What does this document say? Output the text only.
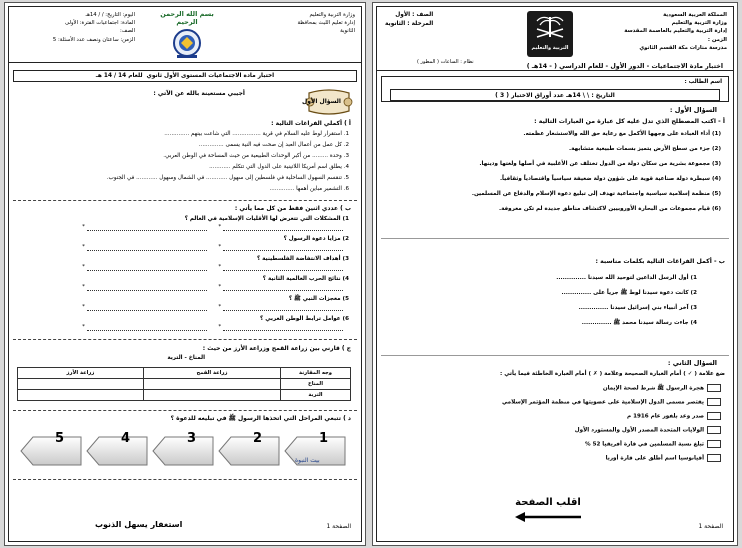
وزارة التربية والتعليم
إدارة تعليم الليث بمحافظة
الثانوية
بسم الله الرحمن الرحيم
اليوم: التاريخ: / / 14هـ
المادة: اجتماعيات الفترة: الأولى
الصف:
الزمن: ساعتان ونصف عدد الأسئلة: 5
اختبار مادة الاجتماعيات المستوى الأول ثانوي  للعام 14 / 14 هـ
أجيبي مستعينة بالله عن الآتي :
السؤال الأول
أ ) أكملي الفراغات التالية :
1. استقرار لوط عليه السلام في قرية ................ التي شاعت بينهم ..............
2. كل عمل من أعمال العبد إن صحت فيه النية يسمى ..............
3. وحدة ......... من أكبر الوحدات الطبيعية من حيث المساحة في الوطن العربي.
4. يطلق اسم أمريكا اللاتينية على الدول التي تتكلم ............
5. تنقسم السهول الساحلية في فلسطين إلى سهول ............ في الشمال وسهول ............ في الجنوب.
6. التشمير مباين أهمها ..............
ب ) عددي اثنين فقط من كل مما يأتي :
1) المشكلات التي تتعرض لها الأقليات الإسلامية في العالم ؟
*  *
2) مزايا دعوة الرسول ؟
*  *
3) أهداف الانتفاضة الفلسطينية ؟
*  *
4) نتائج الحرب العالمية الثانية ؟
*  *
5) معجزات النبي ﷺ ؟
*  *
6) عوامل ترابط الوطن العربي ؟
*  *
ج ) قارني بين زراعة القمح وزراعة الأرز من حيث :
المناخ - التربة
وجه المقارنة	زراعة القمح	زراعة الأرز
المناخ		
التربة		
د ) تتبعي المراحل التي اتخذها الرسول ﷺ في تبليغه للدعوة ؟
5	4	3	2	1
بيت النبوة
استغفار يسهل الذنوب	الصفحة 1
المملكة العربية السعودية
وزارة التربية والتعليم
إدارة التربية والتعليم بالعاصمة المقدسة
الزمن :
مدرسة منارات مكة القسم الثانوي
التربية والتعليم
الصف : الأول
المرحلة : الثانوية
نظام : الساعات ( المطور )
اختبار مادة الاجتماعيات - الدور الأول - للعام الدراسي ( - 14هـ )
اسم الطالب :
التاريخ : \ \ 14هـ عدد أوراق الاختبار ( 3 )
السؤال الأول :
أ - اكتب المصطلح الذي تدل عليه كل عبارة من العبارات التالية :
(1) أداء العبادة على وجهها الأكمل مع رعاية حق الله والاستشعار عظمته.
(2) جزء من سطح الأرض يتميز بسمات طبيعية متشابهة.
(3) مجموعة بشرية من سكان دولة من الدول تختلف عن الأغلبية في أصلها ولغتها ودينها.
(4) سيطرة دولة صناعية قوية على شؤون دولة ضعيفة سياسياً واقتصادياً وثقافياً.
(5) منظمة إسلامية سياسية واجتماعية تهدف إلى تبليغ دعوة الإسلام والدفاع عن المسلمين.
(6) قيام مجموعات من البحارة الأوروبيين لاكتشاف مناطق جديدة لم تكن معروفة.
ب - أكمل الفراغات التالية بكلمات مناسبة :
1) أول الرسل الداعين لتوحيد الله سيدنا ..............
2) كانت دعوة سيدنا لوط ﷺ جرياً على ..............
3) آخر أنبياء بني إسرائيل سيدنا ..............
4) جاءت رسالة سيدنا محمد ﷺ ..............
السؤال الثاني :
ضع علامة ( ✓ ) أمام العبارة الصحيحة وعلامة ( ✗ ) أمام العبارة الخاطئة فيما يأتي :
هجرة الرسول ﷺ شرط لصحة الإيمان
يقتصر مسمى الدول الإسلامية على عضويتها في منظمة المؤتمر الإسلامي
صدر وعد بلفور عام 1916 م
الولايات المتحدة المصدر الأول والمستورد الأول
تبلغ نسبة المسلمين في قارة أفريقيا 52 %
أقيانوسيا اسم أطلق على قارة أوربا
اقلب الصفحة
الصفحة 1
